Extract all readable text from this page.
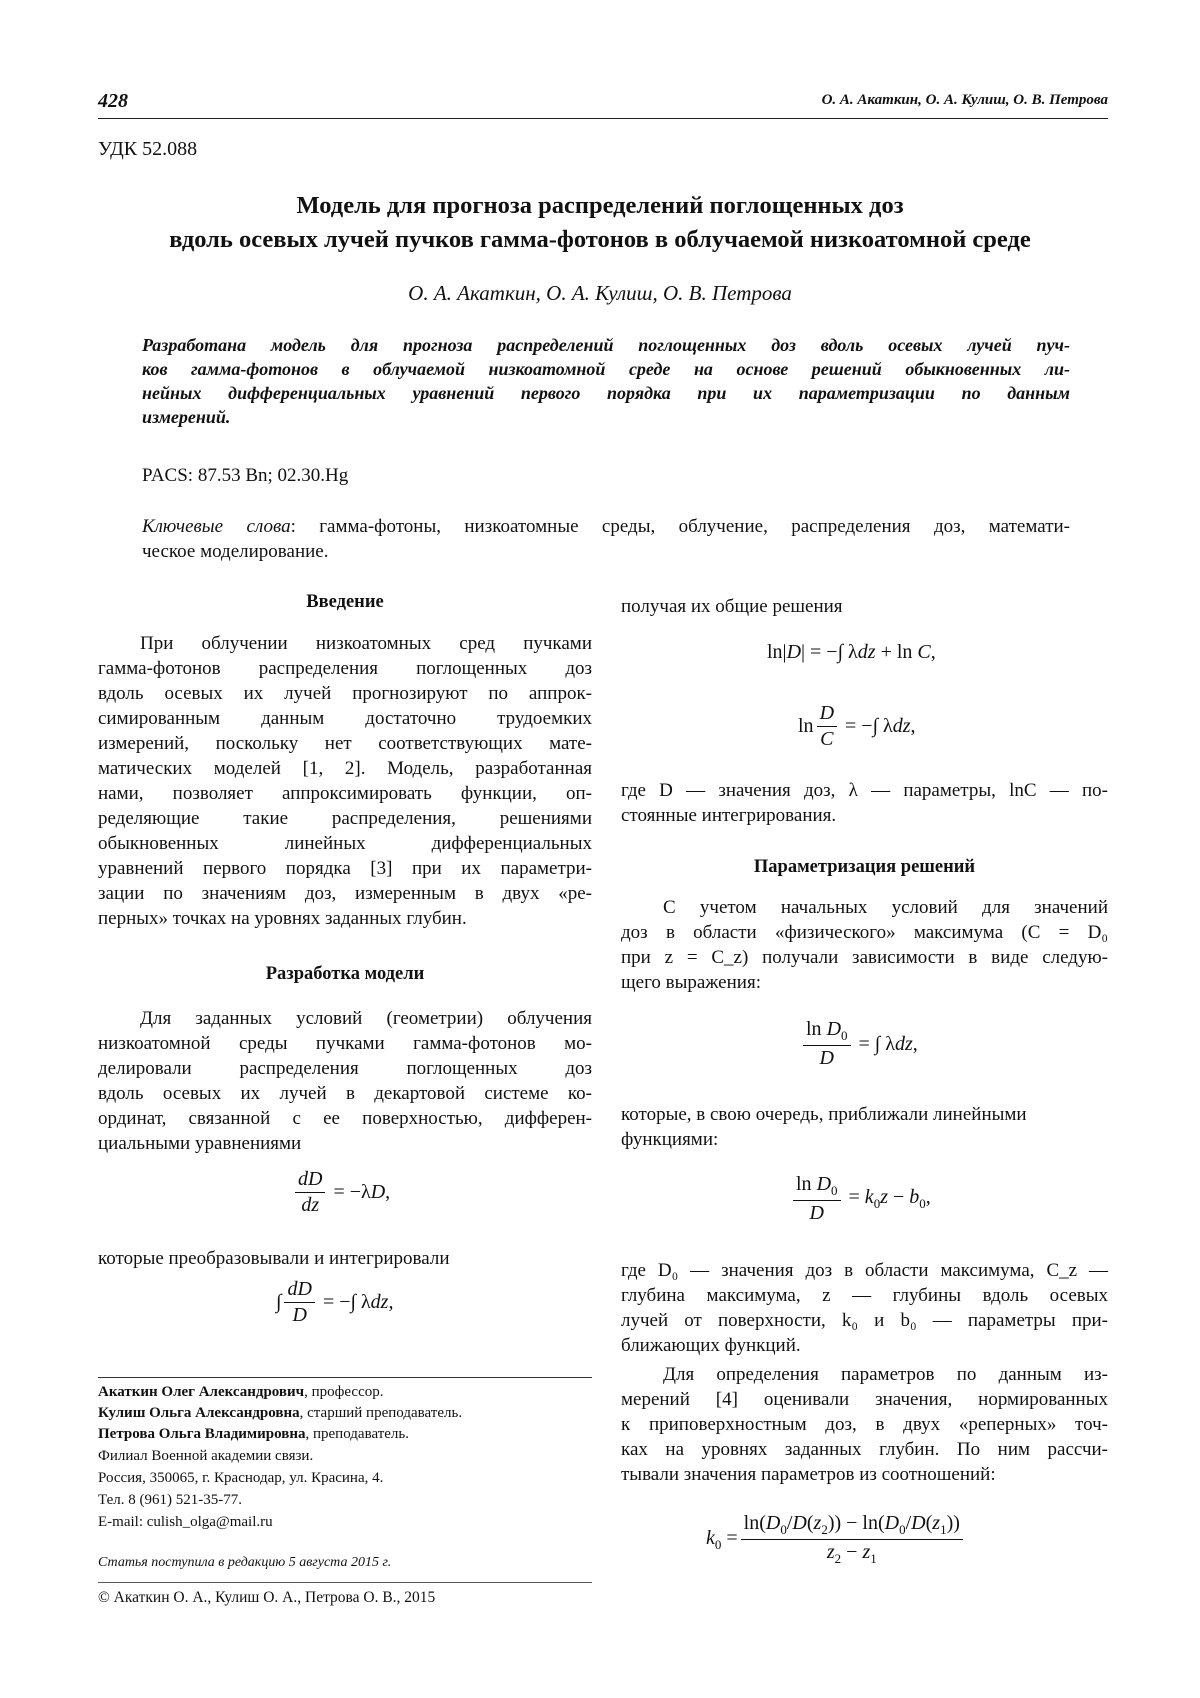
428	О. А. Акаткин, О. А. Кулиш, О. В. Петрова
УДК 52.088
Модель для прогноза распределений поглощенных доз
вдоль осевых лучей пучков гамма-фотонов в облучаемой низкоатомной среде
О. А. Акаткин, О. А. Кулиш, О. В. Петрова
Разработана модель для прогноза распределений поглощенных доз вдоль осевых лучей пуч-
ков гамма-фотонов в облучаемой низкоатомной среде на основе решений обыкновенных ли-
нейных дифференциальных уравнений первого порядка при их параметризации по данным
измерений.
PACS: 87.53 Bn; 02.30.Hg
Ключевые слова: гамма-фотоны, низкоатомные среды, облучение, распределения доз, математи-
ческое моделирование.
Введение
При облучении низкоатомных сред пучками
гамма-фотонов распределения поглощенных доз
вдоль осевых их лучей прогнозируют по аппрок-
симированным данным достаточно трудоемких
измерений, поскольку нет соответствующих мате-
матических моделей [1, 2]. Модель, разработанная
нами, позволяет аппроксимировать функции, оп-
ределяющие такие распределения, решениями
обыкновенных линейных дифференциальных
уравнений первого порядка [3] при их параметри-
зации по значениям доз, измеренным в двух «ре-
перных» точках на уровнях заданных глубин.
Разработка модели
Для заданных условий (геометрии) облучения
низкоатомной среды пучками гамма-фотонов мо-
делировали распределения поглощенных доз
вдоль осевых их лучей в декартовой системе ко-
ординат, связанной с ее поверхностью, дифферен-
циальными уравнениями
$\frac{dD}{dz} = -\lambda D$,
которые преобразовывали и интегрировали
∫ $\frac{dD}{D}$ = −∫ λdz,
Акаткин Олег Александрович, профессор.
Кулиш Ольга Александровна, старший преподаватель.
Петрова Ольга Владимировна, преподаватель.
Филиал Военной академии связи.
Россия, 350065, г. Краснодар, ул. Красина, 4.
Тел. 8 (961) 521-35-77.
E-mail: culish_olga@mail.ru
Статья поступила в редакцию 5 августа 2015 г.
© Акаткин О. А., Кулиш О. А., Петрова О. В., 2015
получая их общие решения
ln|D| = −∫ λdz + ln C,
$\ln \frac{D}{C}$ = −∫ λdz,
где D — значения доз, λ — параметры, lnC — по-
стоянные интегрирования.
Параметризация решений
С учетом начальных условий для значений
доз в области «физического» максимума (C = D₀
при z = C_z) получали зависимости в виде следую-
щего выражения:
$\frac{\ln D_0}{D}$ = ∫ λdz,
которые, в свою очередь, приближали линейными
функциями:
$\frac{\ln D_0}{D} = k_0z - b_0$,
где D₀ — значения доз в области максимума, C_z —
глубина максимума, z — глубины вдоль осевых
лучей от поверхности, k₀ и b₀ — параметры при-
ближающих функций.
Для определения параметров по данным из-
мерений [4] оценивали значения, нормированных
к приповерхностным доз, в двух «реперных» точ-
ках на уровнях заданных глубин. По ним рассчи-
тывали значения параметров из соотношений:
$k_0 = \frac{\ln(D_0/D(z_2)) - \ln(D_0/D(z_1))}{z_2 - z_1}$
